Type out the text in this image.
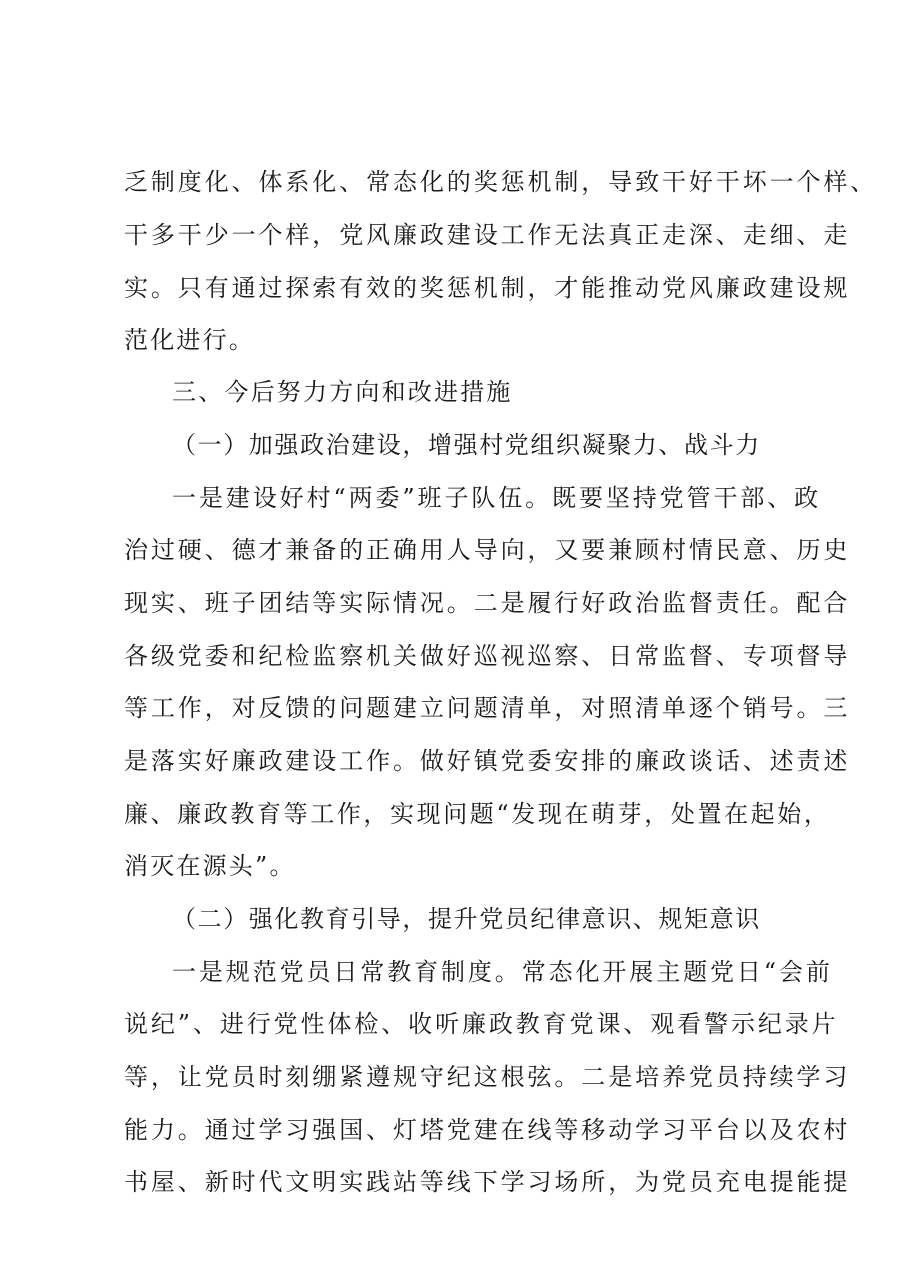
乏制度化、体系化、常态化的奖惩机制，导致干好干坏一个样、
干多干少一个样，党风廉政建设工作无法真正走深、走细、走
实。只有通过探索有效的奖惩机制，才能推动党风廉政建设规
范化进行。
三、今后努力方向和改进措施
（一）加强政治建设，增强村党组织凝聚力、战斗力
一是建设好村“两委”班子队伍。既要坚持党管干部、政
治过硬、德才兼备的正确用人导向，又要兼顾村情民意、历史
现实、班子团结等实际情况。二是履行好政治监督责任。配合
各级党委和纪检监察机关做好巡视巡察、日常监督、专项督导
等工作，对反馈的问题建立问题清单，对照清单逐个销号。三
是落实好廉政建设工作。做好镇党委安排的廉政谈话、述责述
廉、廉政教育等工作，实现问题“发现在萌芽，处置在起始，
消灭在源头”。
（二）强化教育引导，提升党员纪律意识、规矩意识
一是规范党员日常教育制度。常态化开展主题党日“会前
说纪”、进行党性体检、收听廉政教育党课、观看警示纪录片
等，让党员时刻绷紧遵规守纪这根弦。二是培养党员持续学习
能力。通过学习强国、灯塔党建在线等移动学习平台以及农村
书屋、新时代文明实践站等线下学习场所，为党员充电提能提
